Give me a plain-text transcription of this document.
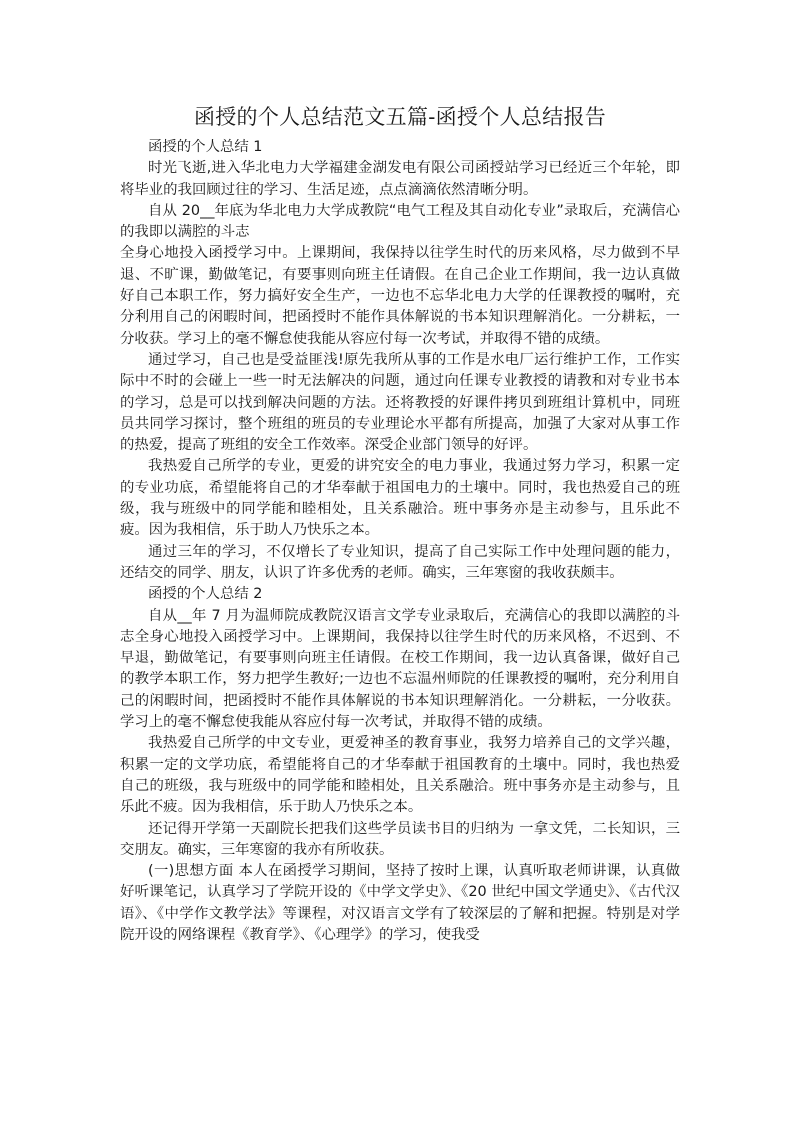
函授的个人总结范文五篇-函授个人总结报告

函授的个人总结 1

时光飞逝,进入华北电力大学福建金湖发电有限公司函授站学习已经近三个年轮，即将毕业的我回顾过往的学习、生活足迹，点点滴滴依然清晰分明。

自从 20__年底为华北电力大学成教院“电气工程及其自动化专业”录取后，充满信心的我即以满腔的斗志

全身心地投入函授学习中。上课期间，我保持以往学生时代的历来风格，尽力做到不早退、不旷课，勤做笔记，有要事则向班主任请假。在自己企业工作期间，我一边认真做好自己本职工作，努力搞好安全生产，一边也不忘华北电力大学的任课教授的嘱咐，充分利用自己的闲暇时间，把函授时不能作具体解说的书本知识理解消化。一分耕耘，一分收获。学习上的毫不懈怠使我能从容应付每一次考试，并取得不错的成绩。

通过学习，自己也是受益匪浅!原先我所从事的工作是水电厂运行维护工作，工作实际中不时的会碰上一些一时无法解决的问题，通过向任课专业教授的请教和对专业书本的学习，总是可以找到解决问题的方法。还将教授的好课件拷贝到班组计算机中，同班员共同学习探讨，整个班组的班员的专业理论水平都有所提高，加强了大家对从事工作的热爱，提高了班组的安全工作效率。深受企业部门领导的好评。

我热爱自己所学的专业，更爱的讲究安全的电力事业，我通过努力学习，积累一定的专业功底，希望能将自己的才华奉献于祖国电力的土壤中。同时，我也热爱自己的班级，我与班级中的同学能和睦相处，且关系融洽。班中事务亦是主动参与，且乐此不疲。因为我相信，乐于助人乃快乐之本。

通过三年的学习，不仅增长了专业知识，提高了自己实际工作中处理问题的能力，还结交的同学、朋友，认识了许多优秀的老师。确实，三年寒窗的我收获颇丰。

函授的个人总结 2

自从__年 7 月为温师院成教院汉语言文学专业录取后，充满信心的我即以满腔的斗志全身心地投入函授学习中。上课期间，我保持以往学生时代的历来风格，不迟到、不早退，勤做笔记，有要事则向班主任请假。在校工作期间，我一边认真备课，做好自己的教学本职工作，努力把学生教好;一边也不忘温州师院的任课教授的嘱咐，充分利用自己的闲暇时间，把函授时不能作具体解说的书本知识理解消化。一分耕耘，一分收获。学习上的毫不懈怠使我能从容应付每一次考试，并取得不错的成绩。

我热爱自己所学的中文专业，更爱神圣的教育事业，我努力培养自己的文学兴趣，积累一定的文学功底，希望能将自己的才华奉献于祖国教育的土壤中。同时，我也热爱自己的班级，我与班级中的同学能和睦相处，且关系融洽。班中事务亦是主动参与，且乐此不疲。因为我相信，乐于助人乃快乐之本。

还记得开学第一天副院长把我们这些学员读书目的归纳为 一拿文凭，二长知识，三交朋友。确实，三年寒窗的我亦有所收获。

(一)思想方面 本人在函授学习期间，坚持了按时上课，认真听取老师讲课，认真做好听课笔记，认真学习了学院开设的《中学文学史》、《20 世纪中国文学通史》、《古代汉语》、《中学作文教学法》等课程，对汉语言文学有了较深层的了解和把握。特别是对学院开设的网络课程《教育学》、《心理学》的学习，使我受
